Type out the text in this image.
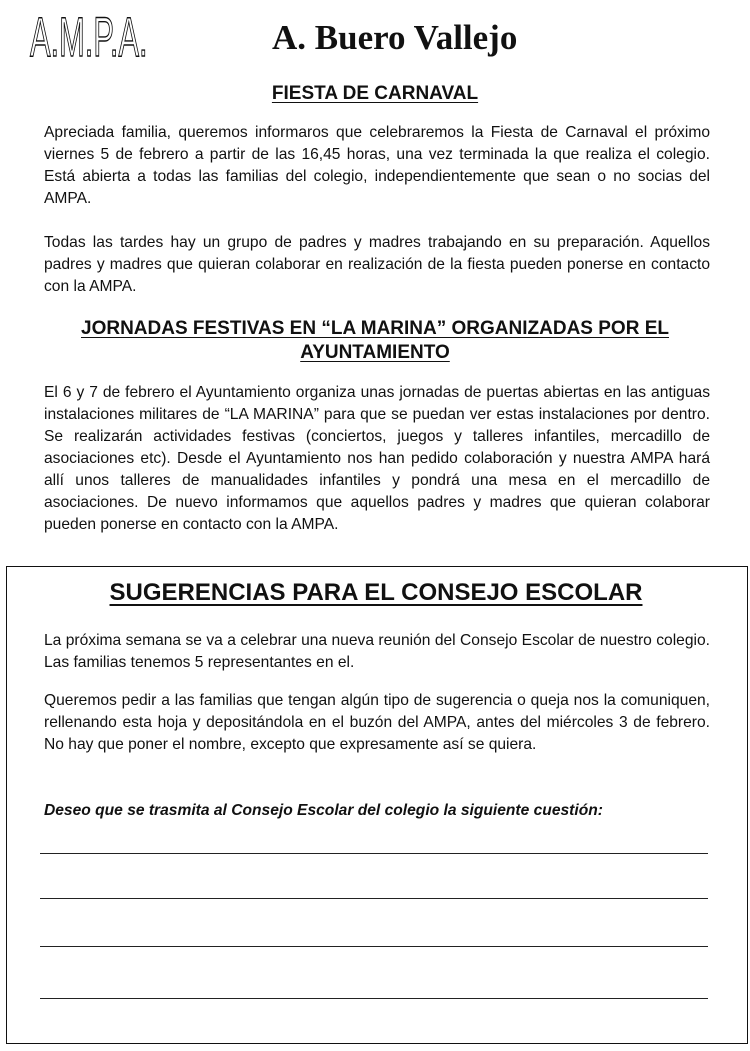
A.M.P.A.	A. Buero Vallejo
FIESTA DE CARNAVAL

Apreciada familia, queremos informaros que celebraremos la Fiesta de Carnaval el próximo viernes 5 de febrero a partir de las 16,45 horas, una vez terminada la que realiza el colegio. Está abierta a todas las familias del colegio, independientemente que sean o no socias del AMPA.

Todas las tardes hay un grupo de padres y madres trabajando en su preparación. Aquellos padres y madres que quieran colaborar en realización de la fiesta pueden ponerse en contacto con la AMPA.

JORNADAS FESTIVAS EN “LA MARINA” ORGANIZADAS POR EL
AYUNTAMIENTO

El 6 y 7 de febrero el Ayuntamiento organiza unas jornadas de puertas abiertas en las antiguas instalaciones militares de “LA MARINA” para que se puedan ver estas instalaciones por dentro. Se realizarán actividades festivas (conciertos, juegos y talleres infantiles, mercadillo de asociaciones etc). Desde el Ayuntamiento nos han pedido colaboración y nuestra AMPA hará allí unos talleres de manualidades infantiles y pondrá una mesa en el mercadillo de asociaciones. De nuevo informamos que aquellos padres y madres que quieran colaborar pueden ponerse en contacto con la AMPA.

SUGERENCIAS PARA EL CONSEJO ESCOLAR

La próxima semana se va a celebrar una nueva reunión del Consejo Escolar de nuestro colegio. Las familias tenemos 5 representantes en el.

Queremos pedir a las familias que tengan algún tipo de sugerencia o queja nos la comuniquen, rellenando esta hoja y depositándola en el buzón del AMPA, antes del miércoles 3 de febrero. No hay que poner el nombre, excepto que expresamente así se quiera.

Deseo que se trasmita al Consejo Escolar del colegio la siguiente cuestión:
